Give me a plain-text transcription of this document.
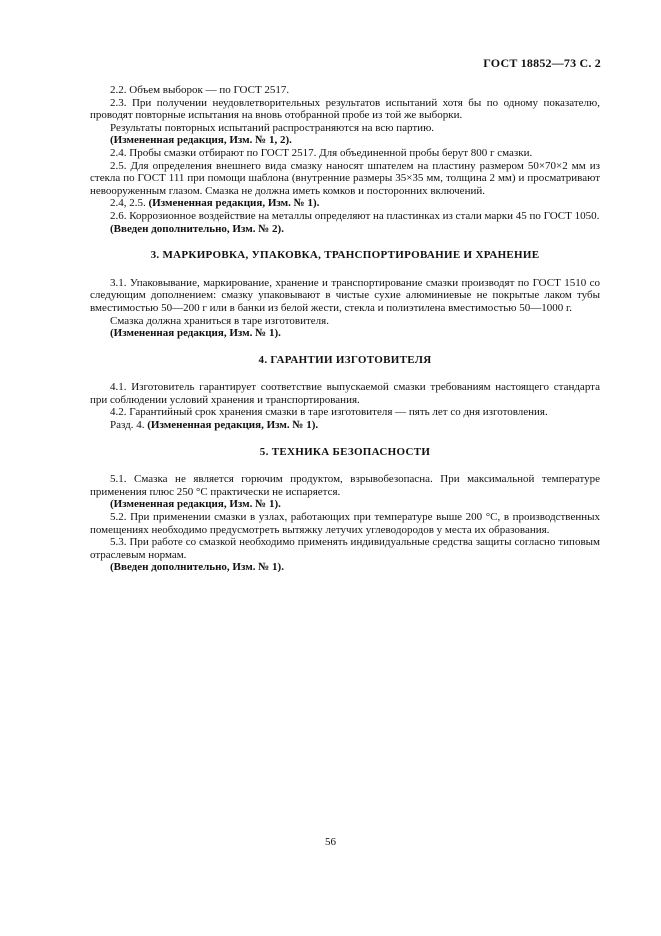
ГОСТ 18852—73 С. 2

2.2. Объем выборок — по ГОСТ 2517.

2.3. При получении неудовлетворительных результатов испытаний хотя бы по одному показателю, проводят повторные испытания на вновь отобранной пробе из той же выборки.

Результаты повторных испытаний распространяются на всю партию.

(Измененная редакция, Изм. № 1, 2).

2.4. Пробы смазки отбирают по ГОСТ 2517. Для объединенной пробы берут 800 г смазки.

2.5. Для определения внешнего вида смазку наносят шпателем на пластину размером 50×70×2 мм из стекла по ГОСТ 111 при помощи шаблона (внутренние размеры 35×35 мм, толщина 2 мм) и просматривают невооруженным глазом. Смазка не должна иметь комков и посторонних включений.

2.4, 2.5. (Измененная редакция, Изм. № 1).

2.6. Коррозионное воздействие на металлы определяют на пластинках из стали марки 45 по ГОСТ 1050.

(Введен дополнительно, Изм. № 2).

3. МАРКИРОВКА, УПАКОВКА, ТРАНСПОРТИРОВАНИЕ И ХРАНЕНИЕ

3.1. Упаковывание, маркирование, хранение и транспортирование смазки производят по ГОСТ 1510 со следующим дополнением: смазку упаковывают в чистые сухие алюминиевые не покрытые лаком тубы вместимостью 50—200 г или в банки из белой жести, стекла и полиэтилена вместимостью 50—1000 г.

Смазка должна храниться в таре изготовителя.

(Измененная редакция, Изм. № 1).

4. ГАРАНТИИ ИЗГОТОВИТЕЛЯ

4.1. Изготовитель гарантирует соответствие выпускаемой смазки требованиям настоящего стандарта при соблюдении условий хранения и транспортирования.

4.2. Гарантийный срок хранения смазки в таре изготовителя — пять лет со дня изготовления.

Разд. 4. (Измененная редакция, Изм. № 1).

5. ТЕХНИКА БЕЗОПАСНОСТИ

5.1. Смазка не является горючим продуктом, взрывобезопасна. При максимальной температуре применения плюс 250 °С практически не испаряется.

(Измененная редакция, Изм. № 1).

5.2. При применении смазки в узлах, работающих при температуре выше 200 °С, в производственных помещениях необходимо предусмотреть вытяжку летучих углеводородов у места их образования.

5.3. При работе со смазкой необходимо применять индивидуальные средства защиты согласно типовым отраслевым нормам.

(Введен дополнительно, Изм. № 1).

56
